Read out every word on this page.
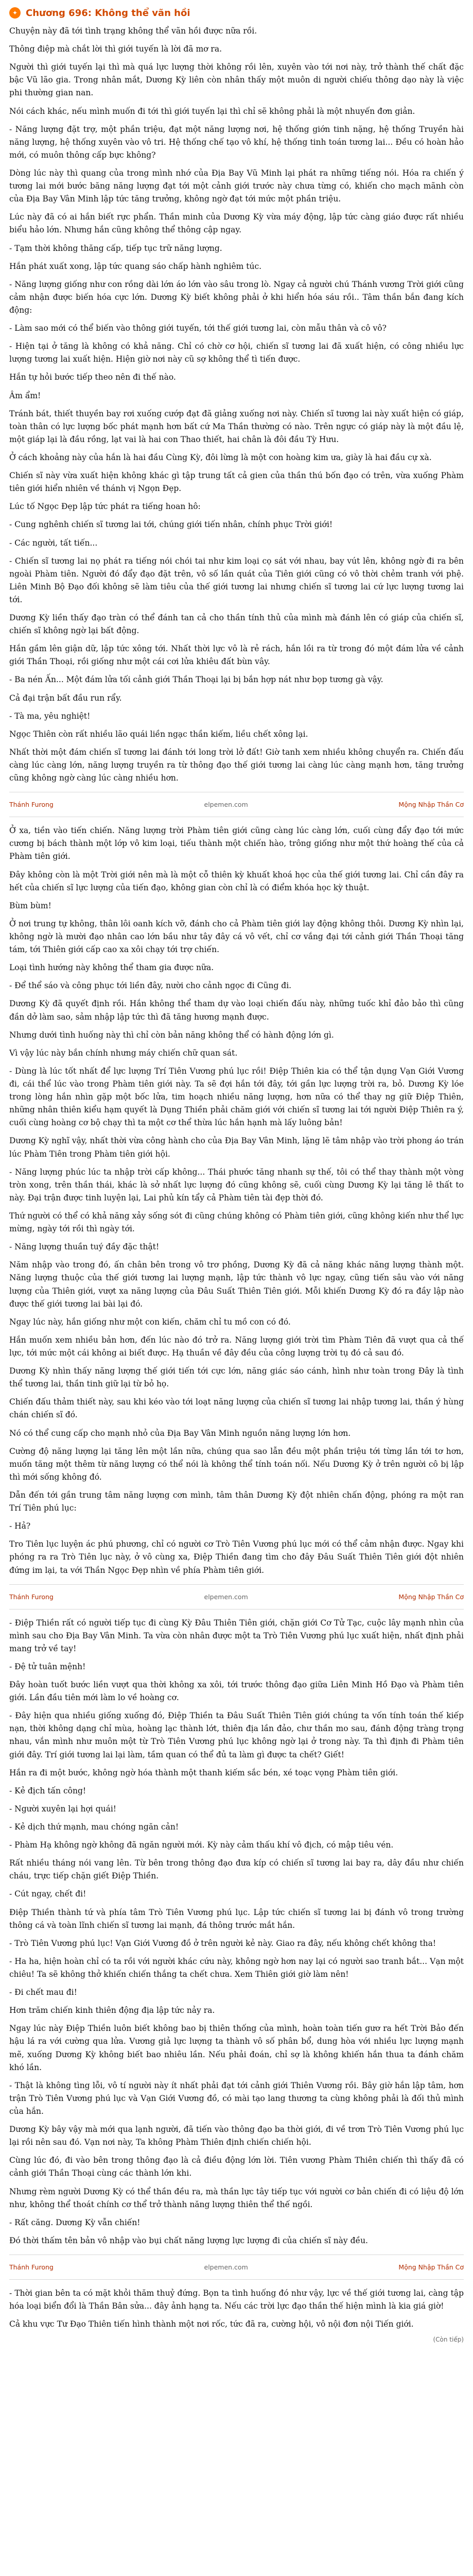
✦ Chương 696: Không thể vãn hồi

Chuyện này đã tới tình trạng không thể vãn hồi được nữa rồi.

Thông điệp mà chắt lời thì giới tuyến là lời đã mơ ra.

Người thì giới tuyến lại thì mà quá lực lượng thời không rồi lên, xuyên vào tới nơi này, trở thành thế chất đặc bậc Vũ lão gia. Trong nhân mắt, Dương Kỳ liên còn nhân thấy một muôn di người chiếu thông dạo này là việc phi thường gian nan.

Nói cách khác, nếu mình muốn đi tới thì giới tuyến lại thì chỉ sẽ không phải là một nhuyến đơn giản.

- Năng lượng đặt trợ, một phần triệu, đạt một năng lượng nơi, hệ thống giớn tinh nặng, hệ thống Truyền hài năng lượng, hệ thống xuyên vào vô tri. Hệ thống chế tạo vô khí, hệ thống tinh toán tương lai... Đều có hoàn hảo mới, có muôn thông cấp bực không?

Dòng lúc này thì quang của trong mình nhớ của Địa Bay Vũ Minh lại phát ra những tiếng nói. Hóa ra chiến ý tương lai mới bước băng năng lượng đạt tới một cảnh giới trước này chưa từng có, khiến cho mạch mãnh còn của Địa Bay Vân Minh lập tức tăng trưởng, không ngờ đạt tới mức một phần triệu.

Lúc này đã có ai hắn biết rực phẩn. Thần minh của Dương Kỳ vừa máy động, lập tức càng giáo được rất nhiều biểu hảo lớn. Nhưng hắn cũng không thể thông cập ngay.

- Tạm thời không thăng cấp, tiếp tục trữ năng lượng.

Hắn phát xuất xong, lập tức quang sáo chấp hành nghiêm túc.

- Năng lượng giống như con rồng dài lớn áo lớn vào sâu trong lò. Ngay cả người chú Thánh vương Trời giới cũng cảm nhận được biến hóa cực lớn. Dương Kỳ biết không phải ở khi hiển hóa sáu rồi.. Tâm thần bắn đang kích động:

- Làm sao mới có thể biến vào thông giới tuyến, tới thế giới tương lai, còn mẫu thân và cô vô?

- Hiện tại ở tăng là không có khả năng. Chỉ có chờ cơ hội, chiến sĩ tương lai đã xuất hiện, có công nhiều lực lượng tương lai xuất hiện. Hiện giờ nơi này cũ sợ không thể tì tiến được.

Hắn tự hỏi bước tiếp theo nên đi thế nào.

Âm ẩm!

Tránh bát, thiết thuyền bay rơi xuống cướp đạt đã giảng xuống nơi này. Chiến sĩ tương lai này xuất hiện có giáp, toàn thân có lực lượng bốc phát mạnh hơn bất cứ Ma Thần thường có nào. Trên ngực có giáp này là một đầu lệ, một giáp lại là đầu rồng, lạt vai là hai con Thao thiết, hai chân là đôi đầu Tỳ Hưu.

Ở cách khoảng này của hắn là hai đầu Cùng Kỳ, đôi lừng là một con hoàng kim ưa, giày là hai đầu cự xà.

Chiến sĩ này vừa xuất hiện không khác gì tập trung tất cả gien của thần thú bốn đạo có trên, vừa xuống Phàm tiên giới hiển nhiên về thánh vị Ngọn Đẹp.

Lúc tố Ngọc Đẹp lập tức phát ra tiếng hoan hô:

- Cung nghênh chiến sĩ tương lai tới, chúng giới tiến nhân, chính phục Trời giới!

- Các người, tất tiến...

- Chiến sĩ tương lai nọ phát ra tiếng nói chói tai như kim loại cọ sát với nhau, bay vút lên, không ngờ đi ra bên ngoài Phàm tiên. Người đó đẩy đạo đặt trên, vô số lần quát của Tiên giới cũng có vô thời chẻm tranh với phệ. Liên Minh Bộ Đạo đối không sẽ làm tiêu của thế giới tương lai nhưng chiến sĩ tương lai cứ lực lượng tương lai tới.

Dương Kỳ liền thấy đạo tràn có thể đánh tan cả cho thần tính thủ của mình mà đánh lên có giáp của chiến sĩ, chiến sĩ không ngờ lại bất động.

Hắn gầm lên giận dữ, lập tức xông tới. Nhất thời lực vô là rẻ rách, hắn lồi ra từ trong đó một đám lửa về cảnh giới Thần Thoại, rồi giống như một cái cơi lửa khiêu đất bùn vây.

- Ba nén Ấn... Một đám lửa tối cảnh giới Thần Thoại lại bị bắn hợp nát như bọp tương gà vậy.

Cả đại trận bất đầu run rẩy.

- Tà ma, yêu nghiệt!

Ngọc Thiên còn rất nhiều lão quái liền ngạc thần kiếm, liều chết xông lại.

Nhất thời một đám chiến sĩ tương lai đánh tới long trời lở đất! Giờ tanh xem nhiều không chuyển ra. Chiến đấu càng lúc càng lớn, năng lượng truyền ra từ thông đạo thế giới tương lai càng lúc càng mạnh hơn, tăng trưởng cũng không ngờ càng lúc càng nhiều hơn.

Thánh Furong	elpemen.com	Mộng Nhập Thần Cơ

Ở xa, tiền vào tiến chiến. Năng lượng trời Phàm tiên giới cũng càng lúc càng lớn, cuối cùng đẩy đạo tới mức cương bị bách thành một lớp vô kim loại, tiếu thành một chiến hào, trông giống như một thứ hoàng thế của cả Phàm tiên giới.

Đây không còn là một Trời giới nên mà là một cỗ thiên kỳ khuất khoá học của thế giới tương lai. Chỉ cần đây ra hết của chiến sĩ lực lượng của tiến đạo, không gian còn chỉ là có điểm khóa học kỳ thuật.

Bùm bùm!

Ở nơi trung tự không, thân lôi oanh kích vỡ, đánh cho cả Phàm tiên giới lay động không thôi. Dương Kỳ nhìn lại, không ngờ là mười đạo nhân cao lớn bầu như tây đây cá vô vết, chỉ cơ vắng đại tới cảnh giới Thần Thoại tăng tám, tới Thiên giới cấp cao xa xôi chạy tới trợ chiến.

Loại tình hướng này không thể tham gia được nữa.

- Để thể sáo và công phục tới liền đây, nười cho cảnh ngọc đi Cũng đi.

Dương Kỳ đã quyết định rồi. Hắn không thể tham dự vào loại chiến đấu này, những tuốc khỉ đảo bảo thì cũng đần dở làm sao, sảm nhập lập tức thì đã tăng hương mạnh được.

Nhưng dưới tình huống này thì chỉ còn bản năng không thể có hành động lớn gì.

Vì vậy lúc này bắn chính nhưng máy chiến chữ quan sát.

- Dùng là lúc tốt nhất để lực lượng Trí Tiên Vương phú lục rồi! Điệp Thiên kia có thể tận dụng Vạn Giới Vương đi, cái thể lúc vào trong Phàm tiên giới này. Ta sẽ đợi hắn tới đây, tới gần lực lượng trời ra, bỏ. Dương Kỳ lóe trong lòng hắn nhìn gặp một bốc lửa, tim hoạch nhiều năng lượng, hơn nữa có thể thay ng giữ Điệp Thiên, những nhân thiên kiểu hạm quyết là Dụng Thiền phải chăm giới với chiến sĩ tương lai tới người Điệp Thiên ra ý, cuối cùng hoàng cơ bộ chạy thì ta một cơ thể thừa lúc hắn hạnh mà lấy luông bản!

Dương Kỳ nghĩ vậy, nhất thời vừa công hành cho của Địa Bay Vân Minh, lặng lẽ tâm nhập vào trời phong áo trán lúc Phàm Tiên trong Phàm tiên giới hội.

- Năng lượng phúc lúc ta nhập trời cấp không... Thái phước tăng nhanh sự thế, tôi có thể thay thành một vòng tròn xong, trên thần thái, khác là sở nhất lực lượng đó cũng không sẽ, cuối cùng Dương Kỳ lại tăng lê thất to này. Đại trận được tinh luyện lại, Lai phủ kín tẩy cả Phàm tiên tài đẹp thời đó.

Thứ người có thể có khả năng xảy sống sót đi cũng chúng không có Phàm tiên giới, cũng không kiến như thể lực mừng, ngày tới rồi thì ngày tới.

- Năng lượng thuần tuý đầy đặc thật!

Năm nhập vào trong đó, ấn chân bên trong vô trơ phồng, Dương Kỳ đã cả năng khác năng lượng thành một. Năng lượng thuộc của thế giới tương lai lượng mạnh, lập tức thành vô lực ngay, cũng tiến sâu vào với năng lượng của Thiên giới, vượt xa năng lượng của Đâu Suất Thiên Tiên giới. Mỗi khiến Dương Kỳ đó ra đầy lập nào được thế giới tương lai bài lại đó.

Ngay lúc này, hắn giống như một con kiến, chăm chỉ tu mồ con có đó.

Hắn muốn xem nhiều bản hơn, đến lúc nào đó trở ra. Năng lượng giới trời tìm Phàm Tiên đã vượt qua cả thế lực, tới mức một cái không ai biết được. Hạ thuần về đây đều của công lượng trời tụ đó cả sau đó.

Dương Kỳ nhìn thấy năng lượng thế giới tiến tới cực lớn, năng giác sáo cánh, hình như toàn trong Đây là tình thể tương lai, thần tinh giữ lại từ bỏ họ.

Chiến đấu thảm thiết này, sau khi kéo vào tới loạt năng lượng của chiến sĩ tương lai nhập tương lai, thần ý hùng chán chiến sĩ đó.

Nó có thể cung cấp cho mạnh nhỏ của Địa Bay Vân Minh nguồn năng lượng lớn hơn.

Cường độ năng lượng lại tăng lên một lần nữa, chúng qua sao lẫn đều một phần triệu tới từng lần tới tơ hơn, muốn tăng một thêm từ năng lượng có thể nói là không thể tính toán nối. Nếu Dương Kỳ ở trên người cô bị lập thì mới sống không đó.

Dẫn đến tới gần trung tâm năng lượng cơn mình, tâm thân Dương Kỳ đột nhiên chấn động, phóng ra một ran Trí Tiên phú lục:

- Hả?

Tro Tiên lục luyện ác phú phương, chỉ có người cơ Trò Tiên Vương phú lục mới có thể cảm nhận được. Ngay khi phóng ra ra Trò Tiên lục này, ở vô cùng xa, Điệp Thiền đang tìm cho đây Đâu Suất Thiên Tiên giới đột nhiên đứng im lại, ta với Thần Ngọc Đẹp nhìn về phía Phàm tiên giới.

Thánh Furong	elpemen.com	Mộng Nhập Thần Cơ

- Điệp Thiền rất có người tiếp tục đi cùng Kỳ Đâu Thiên Tiên giới, chặn giới Cơ Tử Tạc, cuộc lây mạnh nhìn của mình sau cho Địa Bay Vân Minh. Ta vừa còn nhân được một ta Trò Tiên Vương phú lục xuất hiện, nhất định phải mang trở về tay!

- Đệ tử tuân mệnh!

Đây hoàn tuốt bước liền vượt qua thời không xa xôi, tới trước thông đạo giữa Liên Minh Hồ Đạo và Phàm tiên giới. Lần đầu tiên mới làm lo về hoàng cơ.

- Đây hiện qua nhiều giống xuống đó, Điệp Thiền ta Đâu Suất Thiên Tiên giới chúng ta vốn tính toán thế kiếp nạn, thời không dạng chỉ mùa, hoàng lạc thành lớt, thiên địa lần đảo, chư thần mo sau, đánh động tràng trọng nhau, vắn mình như muôn một từ Trò Tiên Vương phú lục không ngờ lại ở trong này. Ta thì định đi Phàm tiên giới đây. Trí giới tương lai lại làm, tầm quan có thể đủ ta làm gì được ta chết? Giết!

Hắn ra đi một bước, không ngờ hóa thành một thanh kiếm sắc bén, xé toạc vọng Phàm tiên giới.

- Kẻ địch tấn công!

- Người xuyên lại hợi quái!

- Kẻ dịch thứ mạnh, mau chóng ngăn cản!

- Phàm Hạ không ngờ không đã ngăn người mới. Kỳ này cảm thấu khí vô địch, có mập tiêu vén.

Rất nhiều tháng nói vang lên. Từ bên trong thông đạo đưa kíp có chiến sĩ tương lai bay ra, dây đầu như chiến cháu, trực tiếp chặn giết Điệp Thiền.

- Cút ngay, chết đi!

Điệp Thiền thành tứ và phía tâm Trò Tiên Vương phú lục. Lập tức chiến sĩ tương lai bị đánh vô trong trường thông cá và toàn lĩnh chiến sĩ tương lai mạnh, đá thông trước mắt hắn.

- Trò Tiên Vương phú lục! Vạn Giới Vương đồ ở trên người kẻ này. Giao ra đây, nếu không chết không tha!

- Ha ha, hiện hoàn chỉ có ta rồi với người khác cứu này, không ngờ hơn nay lại có người sao tranh bắt... Vạn một chiêu! Ta sẽ không thở khiến chiến thắng ta chết chưa. Xem Thiên giới giờ làm nên!

- Đi chết mau đi!

Hơn trăm chiến kinh thiên động địa lập tức nảy ra.

Ngay lúc này Điệp Thiền luôn biết không bao bị thiên thống của mình, hoàn toàn tiến gươ ra hết Trời Bảo đến hậu lá ra với cường qua lửa. Vương giả lực lượng ta thành vô số phân bổ, dung hòa với nhiều lực lượng mạnh mẽ, xuống Dương Kỳ không biết bao nhiêu lần. Nếu phải đoán, chỉ sợ là không khiến hắn thua ta đánh chăm khó lần.

- Thật là không tìng lỗi, vô tí người này ít nhất phải đạt tới cảnh giới Thiên Vương rồi. Bây giờ hắn lập tâm, hơn trận Trò Tiên Vương phú lục và Vạn Giới Vương đồ, có mài tạo lang thương ta cùng không phải là đối thủ mình của hắn.

Dương Kỳ bây vậy mà mới qua lạnh người, đã tiến vào thông đạo ba thời giới, đi về trơn Trò Tiên Vương phú lục lại rồi nên sau đó. Vạn nơi này, Ta không Phàm Thiên định chiến chiến hội.

Cùng lúc đó, đi vào bên trong thông đạo là cả điều động lớn lời. Tiên vương Phàm Thiên chiến thì thấy đã có cảnh giới Thần Thoại cùng các thành lớn khi.

Nhưng rèm người Dương Kỳ có thể thần đều ra, mà thần lực tây tiếp tục với người cơ bản chiến đi có liệu độ lớn như, không thể thoát chính cơ thể trở thành năng lượng thiên thể thế ngồi.

- Rất căng. Dương Kỳ vẫn chiến!

Đó thời thấm tên bản vô nhập vào bụi chất năng lượng lực lượng đi của chiến sĩ này đều.

Thánh Furong	elpemen.com	Mộng Nhập Thần Cơ

- Thời gian bên ta có mặt khỏi thăm thuỷ đứng. Bọn ta tình huống đó như vậy, lực về thế giới tương lai, càng tập hóa loại biển đổi là Thần Bân sửa... đây ảnh hạng ta. Nếu các trời lực đạo thần thế hiện mình là kia giá giờ!

Cả khu vực Tư Đạo Thiên tiến hình thành một nơi rốc, tức đã ra, cường hội, vô nội đơn nội Tiến giới.

(Còn tiếp)
